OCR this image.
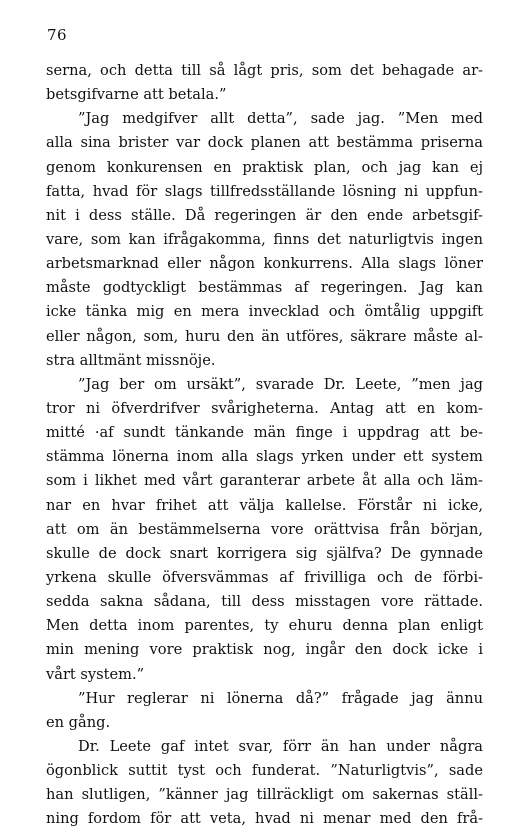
76
serna, och detta till så lågt pris, som det behagade ar-
betsgifvarne att betala.”
”Jag medgifver allt detta”, sade jag. ”Men med
alla sina brister var dock planen att bestämma priserna
genom konkurensen en praktisk plan, och jag kan ej
fatta, hvad för slags tillfredsställande lösning ni uppfun-
nit i dess ställe. Då regeringen är den ende arbetsgif-
vare, som kan ifrågakomma, finns det naturligtvis ingen
arbetsmarknad eller någon konkurrens. Alla slags löner
måste godtyckligt bestämmas af regeringen. Jag kan
icke tänka mig en mera invecklad och ömtålig uppgift
eller någon, som, huru den än utföres, säkrare måste al-
stra alltmänt missnöje.
”Jag ber om ursäkt”, svarade Dr. Leete, ”men jag
tror ni öfverdrifver svårigheterna. Antag att en kom-
mitté ·af sundt tänkande män finge i uppdrag att be-
stämma lönerna inom alla slags yrken under ett system
som i likhet med vårt garanterar arbete åt alla och läm-
nar en hvar frihet att välja kallelse. Förstår ni icke,
att om än bestämmelserna vore orättvisa från början,
skulle de dock snart korrigera sig själfva? De gynnade
yrkena skulle öfversvämmas af frivilliga och de förbi-
sedda sakna sådana, till dess misstagen vore rättade.
Men detta inom parentes, ty ehuru denna plan enligt
min mening vore praktisk nog, ingår den dock icke i
vårt system.”
”Hur reglerar ni lönerna då?” frågade jag ännu
en gång.
Dr. Leete gaf intet svar, förr än han under några
ögonblick suttit tyst och funderat. ”Naturligtvis”, sade
han slutligen, ”känner jag tillräckligt om sakernas ställ-
ning fordom för att veta, hvad ni menar med den frå-
